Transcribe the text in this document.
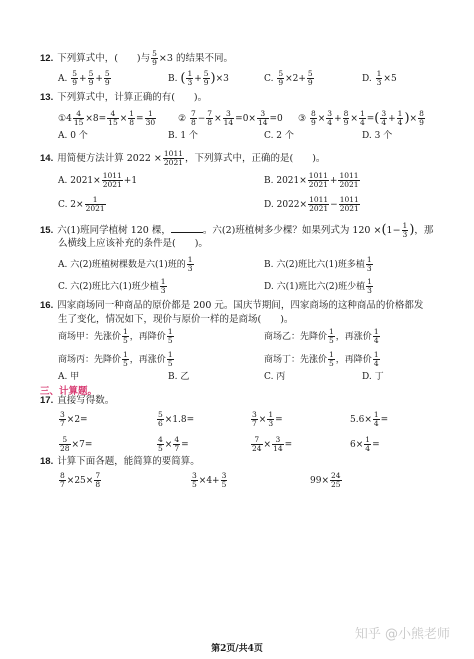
12. 下列算式中，(　　)与 $\frac{5}{9} \times 3$ 的结果不同。
A. $\frac{5}{9} + \frac{5}{9} + \frac{5}{9}$	B. ( $\frac{1}{3} + \frac{5}{9} )\times 3$	C. $\frac{5}{9} \times 2+ \frac{5}{9}$	D. $\frac{1}{3} \times 5$
13. 下列算式中，计算正确的有(　　)。
①4 $\frac{4}{15} \times 8= \frac{4}{15} \times \frac{1}{8} = \frac{1}{30}$ ② $\frac{7}{8} - \frac{7}{8} \times \frac{3}{14} =0\times \frac{3}{14} =0$ ③ $\frac{8}{9} \times \frac{3}{4} + \frac{8}{9} \times \frac{1}{4}$ =( $\frac{3}{4} + \frac{1}{4}$ )× $\frac{8}{9}$
A. 0 个	B. 1 个	C. 2 个	D. 3 个
14. 用简便方法计算 $2022 \times \frac{1011}{2021}$ ，下列算式中，正确的是(　　)。
A. $2021\times \frac{1011}{2021} +1$	B. $2021\times \frac{1011}{2021} + \frac{1011}{2021}$
C. $2\times \frac{1}{2021}$	D. $2022\times \frac{1011}{2021} - \frac{1011}{2021}$
15. 六(1)班同学植树 120 棵，	。六(2)班植树多少棵？如果列式为 $120 \times(1- \frac{1}{3}$ )，那
么横线上应该补充的条件是(　　)。
A. 六(2)班植树棵数是六(1)班的 $\frac{1}{3}$	B. 六(2)班比六(1)班多植 $\frac{1}{3}$
C. 六(2)班比六(1)班少植 $\frac{1}{3}$	D. 六(1)班比六(2)班少植 $\frac{1}{3}$
16. 四家商场同一种商品的原价都是 200 元。国庆节期间，四家商场的这种商品的价格都发
生了变化，情况如下，现价与原价一样的是商场(　　)。
商场甲：先涨价 $\frac{1}{5}$ ，再降价 $\frac{1}{5}$	商场乙：先降价 $\frac{1}{5}$ ，再涨价 $\frac{1}{4}$
商场丙：先降价 $\frac{1}{5}$ ，再涨价 $\frac{1}{5}$	商场丁：先涨价 $\frac{1}{5}$ ，再降价 $\frac{1}{4}$
A. 甲	B. 乙	C. 丙	D. 丁
三、计算题。
17. 直接写得数。
$\frac{3}{7} \times 2=$	$\frac{5}{6} \times 1.8=$	$\frac{3}{7} \times \frac{1}{3}$ =	$5.6\times \frac{1}{4}$ =
$\frac{5}{28} \times 7=$	$\frac{4}{5} \times \frac{4}{7}$ =	$\frac{7}{24} \times \frac{3}{14}$ =	$6\times \frac{1}{4}$ =
18. 计算下面各题，能简算的要简算。
$\frac{8}{7} \times 25\times \frac{7}{8}$	$\frac{3}{5} \times 4+ \frac{3}{5}$	$99\times \frac{24}{25}$
知乎 @小熊老师
第2页/共4页
